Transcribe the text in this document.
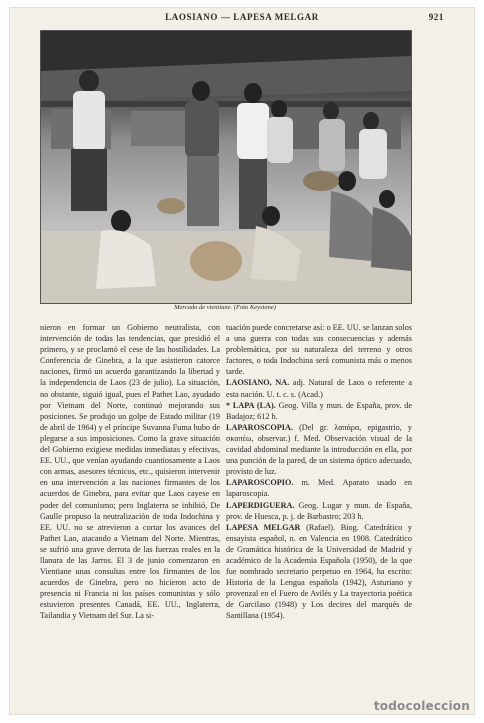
LAOSIANO — LAPESA MELGAR	921
Mercado de vientiane. (Foto Keystone)

nieron en formar un Gobierno neutralista, con intervención de todas las tendencias, que presidió el primero, y se proclamó el cese de las hostilidades. La Conferencia de Ginebra, a la que asistieron catorce naciones, firmó un acuerdo garantizando la libertad y la independencia de Laos (23 de julio). La situación, no obstante, siguió igual, pues el Pathet Lao, ayudado por Vietnam del Norte, continuó mejorando sus posiciones. Se produjo un golpe de Estado militar (19 de abril de 1964) y el príncipe Suvanna Fuma hubo de plegarse a sus imposiciones. Como la grave situación del Gobierno exigiese medidas inmediatas y efectivas, EE. UU., que venían ayudando cuantiosamente a Laos con armas, asesores técnicos, etc., quisieron intervenir en una intervención a las naciones firmantes de los acuerdos de Ginebra, para evitar que Laos cayese en poder del comunismo; pero Inglaterra se inhibió, De Gaulle propuso la neutralización de toda Indochina y EE. UU. no se atrevieron a cortar los avances del Pathet Lao, atacando a Vietnam del Norte. Mientras, se sufrió una grave derrota de las fuerzas reales en la llanura de las Jarros. El 3 de junio comenzaron en Vientiane unas consultas entre los firmantes de los acuerdos de Ginebra, pero no hicieron acto de presencia ni Francia ni los países comunistas y sólo estuvieron presentes Canadá, EE. UU., Inglaterra, Tailandia y Vietnam del Sur. La si-

tuación puede concretarse así: o EE. UU. se lanzan solos a una guerra con todas sus consecuencias y además problemática, por su naturaleza del terreno y otros factores, o toda Indochina será comunista más o menos tarde.

LAOSIANO, NA. adj. Natural de Laos o referente a esta nación. U. t. c. s. (Acad.)

* LAPA (LA). Geog. Villa y mun. de España, prov. de Badajoz; 612 h.

LAPAROSCOPIA. (Del gr. λαπάρα, epigastrio, y σκοπέω, observar.) f. Med. Observación visual de la cavidad abdominal mediante la introducción en ella, por una punción de la pared, de un sistema óptico adecuado, provisto de luz.

LAPAROSCOPIO. m. Med. Aparato usado en laparoscopia.

LAPERDIGUERA. Geog. Lugar y mun. de España, prov. de Huesca, p. j. de Barbastro; 203 h.

LAPESA MELGAR (Rafael). Biog. Catedrático y ensayista español, n. en Valencia en 1908. Catedrático de Gramática histórica de la Universidad de Madrid y académico de la Academia Española (1950), de la que fue nombrado secretario perpetuo en 1964, ha escrito: Historia de la Lengua española (1942), Asturiano y provenzal en el Fuero de Avilés y La trayectoria poética de Garcilaso (1948) y Los decires del marqués de Santillana (1954).

todocoleccion
